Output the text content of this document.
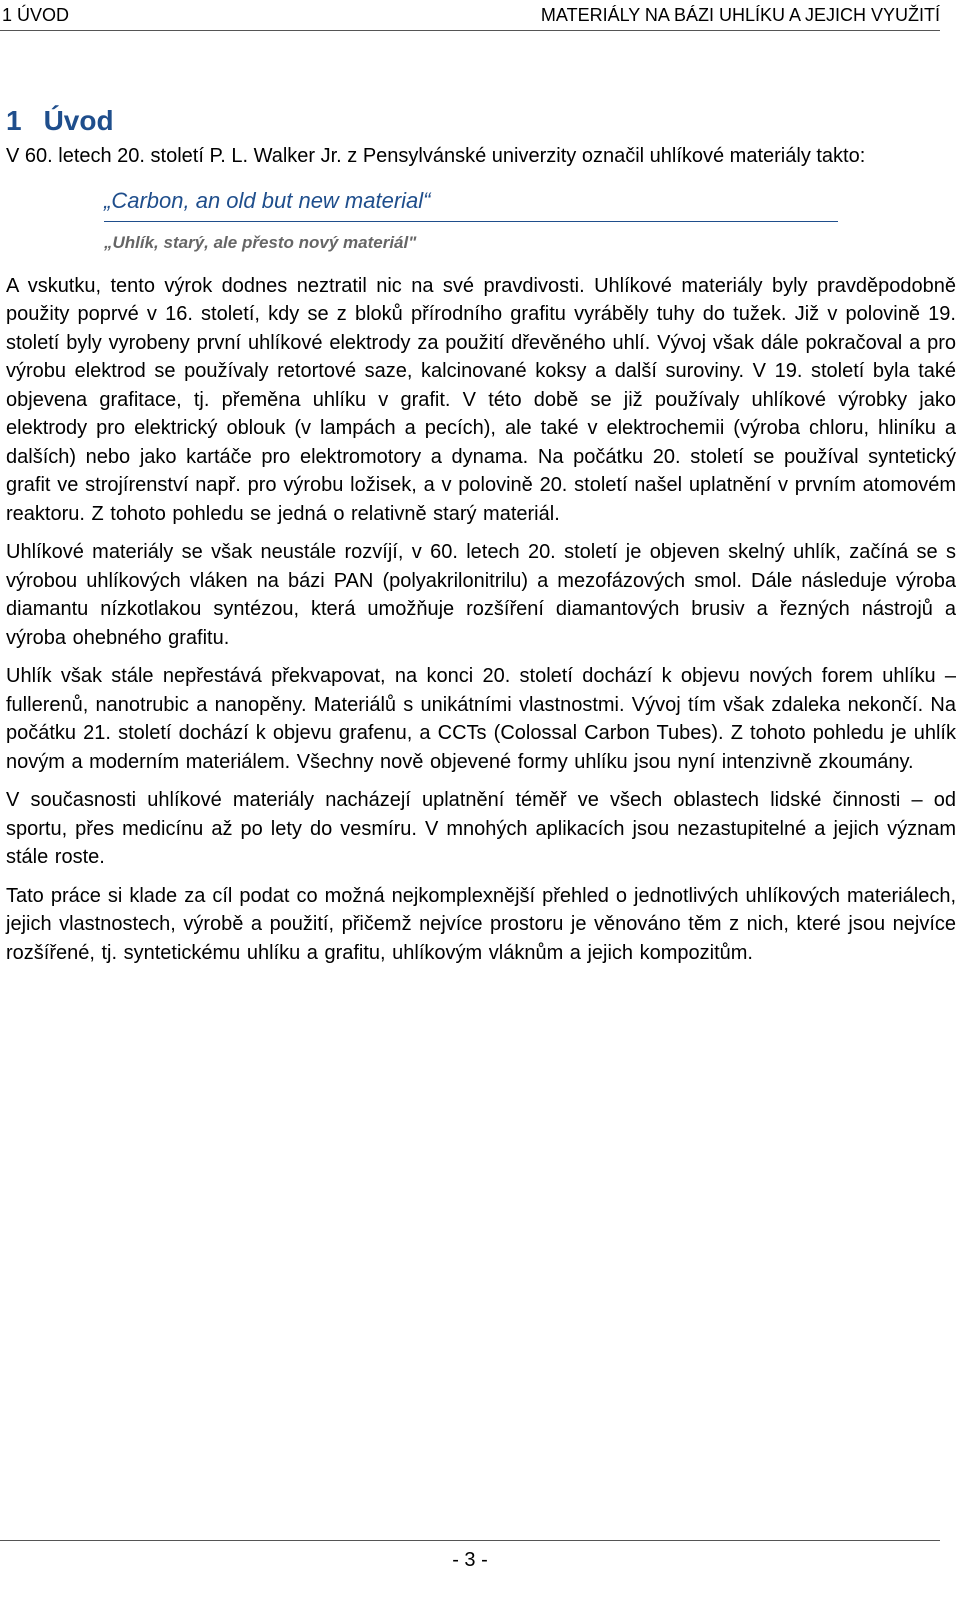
1 ÚVOD	MATERIÁLY NA BÁZI UHLÍKU A JEJICH VYUŽITÍ
1 Úvod

V 60. letech 20. století P. L. Walker Jr. z Pensylvánské univerzity označil uhlíkové materiály takto:

„Carbon, an old but new material“
„Uhlík, starý, ale přesto nový materiál"

A vskutku, tento výrok dodnes neztratil nic na své pravdivosti. Uhlíkové materiály byly pravděpodobně použity poprvé v 16. století, kdy se z bloků přírodního grafitu vyráběly tuhy do tužek. Již v polovině 19. století byly vyrobeny první uhlíkové elektrody za použití dřevěného uhlí. Vývoj však dále pokračoval a pro výrobu elektrod se používaly retortové saze, kalcinované koksy a další suroviny. V 19. století byla také objevena grafitace, tj. přeměna uhlíku v grafit. V této době se již používaly uhlíkové výrobky jako elektrody pro elektrický oblouk (v lampách a pecích), ale také v elektrochemii (výroba chloru, hliníku a dalších) nebo jako kartáče pro elektromotory a dynama. Na počátku 20. století se používal syntetický grafit ve strojírenství např. pro výrobu ložisek, a v polovině 20. století našel uplatnění v prvním atomovém reaktoru. Z tohoto pohledu se jedná o relativně starý materiál.

Uhlíkové materiály se však neustále rozvíjí, v 60. letech 20. století je objeven skelný uhlík, začíná se s výrobou uhlíkových vláken na bázi PAN (polyakrilonitrilu) a mezofázových smol. Dále následuje výroba diamantu nízkotlakou syntézou, která umožňuje rozšíření diamantových brusiv a řezných nástrojů a výroba ohebného grafitu.

Uhlík však stále nepřestává překvapovat, na konci 20. století dochází k objevu nových forem uhlíku – fullerenů, nanotrubic a nanopěny. Materiálů s unikátními vlastnostmi. Vývoj tím však zdaleka nekončí. Na počátku 21. století dochází k objevu grafenu, a CCTs (Colossal Carbon Tubes). Z tohoto pohledu je uhlík novým a moderním materiálem. Všechny nově objevené formy uhlíku jsou nyní intenzivně zkoumány.

V současnosti uhlíkové materiály nacházejí uplatnění téměř ve všech oblastech lidské činnosti – od sportu, přes medicínu až po lety do vesmíru. V mnohých aplikacích jsou nezastupitelné a jejich význam stále roste.

Tato práce si klade za cíl podat co možná nejkomplexnější přehled o jednotlivých uhlíkových materiálech, jejich vlastnostech, výrobě a použití, přičemž nejvíce prostoru je věnováno těm z nich, které jsou nejvíce rozšířené, tj. syntetickému uhlíku a grafitu, uhlíkovým vláknům a jejich kompozitům.

- 3 -
